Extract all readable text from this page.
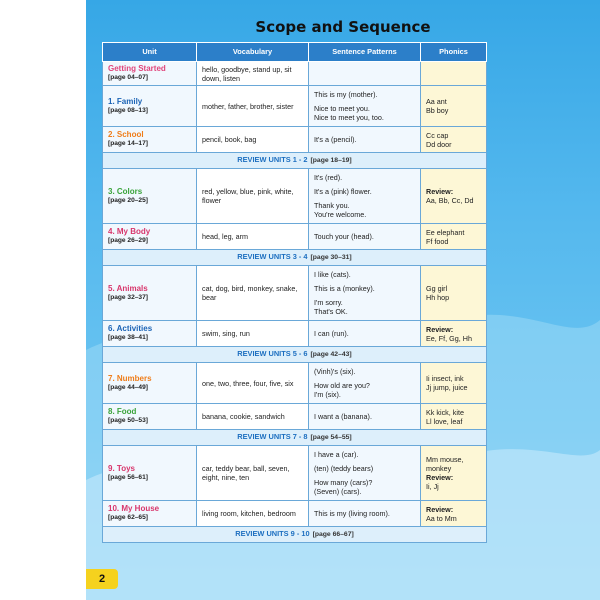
Scope and Sequence
Unit	Vocabulary	Sentence Patterns	Phonics

Getting Started
[page 04–07]	hello, goodbye, stand up, sit down, listen		

1. Family
[page 08–13]	mother, father, brother, sister	This is my (mother).
Nice to meet you.
Nice to meet you, too.	Aa ant
Bb boy

2. School
[page 14–17]	pencil, book, bag	It's a (pencil).	Cc cap
Dd door

REVIEW UNITS 1 - 2 [page 18–19]			

3. Colors
[page 20–25]	red, yellow, blue, pink, white, flower	It's (red).
It's a (pink) flower.
Thank you.
You're welcome.	Review:
Aa, Bb, Cc, Dd

4. My Body
[page 26–29]	head, leg, arm	Touch your (head).	Ee elephant
Ff food

REVIEW UNITS 3 - 4 [page 30–31]			

5. Animals
[page 32–37]	cat, dog, bird, monkey, snake, bear	I like (cats).
This is a (monkey).
I'm sorry.
That's OK.	Gg girl
Hh hop

6. Activities
[page 38–41]	swim, sing, run	I can (run).	Review:
Ee, Ff, Gg, Hh

REVIEW UNITS 5 - 6 [page 42–43]			

7. Numbers
[page 44–49]	one, two, three, four, five, six	(Vinh)'s (six).
How old are you?
I'm (six).	Ii insect, ink
Jj jump, juice

8. Food
[page 50–53]	banana, cookie, sandwich	I want a (banana).	Kk kick, kite
Ll love, leaf

REVIEW UNITS 7 - 8 [page 54–55]			

9. Toys
[page 56–61]	car, teddy bear, ball, seven, eight, nine, ten	I have a (car).
(ten) (teddy bears)
How many (cars)?
(Seven) (cars).	Mm mouse, monkey
Review:
Ii, Jj

10. My House
[page 62–65]	living room, kitchen, bedroom	This is my (living room).	Review:
Aa to Mm

REVIEW UNITS 9 - 10 [page 66–67]			
2
